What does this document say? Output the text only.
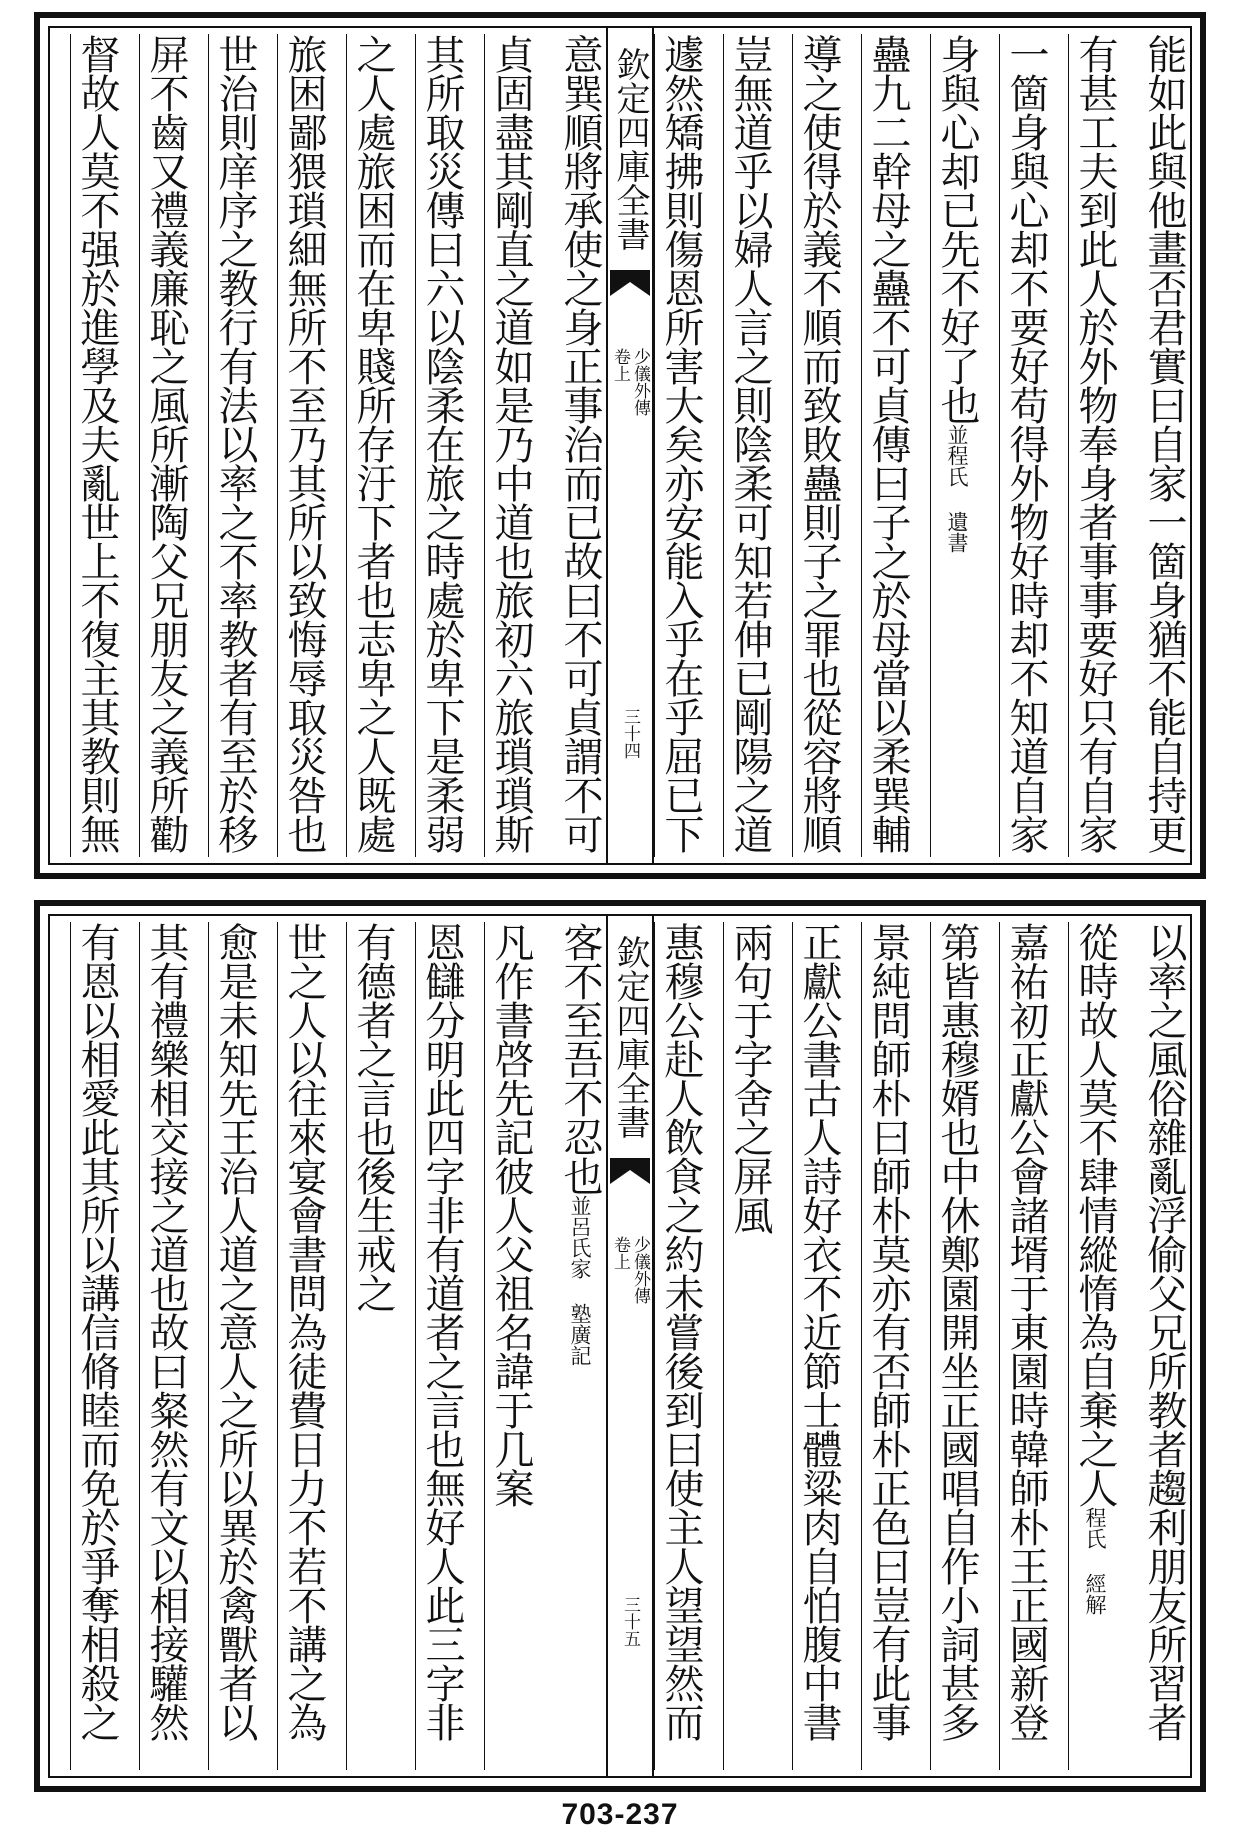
能如此與他畫否君實曰自家一箇身猶不能自持更
有甚工夫到此人於外物奉身者事事要好只有自家
一箇身與心却不要好苟得外物好時却不知道自家
身與心却已先不好了也並程氏 遺書
蠱九二幹母之蠱不可貞傳曰子之於母當以柔巽輔
導之使得於義不順而致敗蠱則子之罪也從容將順
豈無道乎以婦人言之則陰柔可知若伸已剛陽之道
遽然矯拂則傷恩所害大矣亦安能入乎在乎屈已下
欽定四庫全書
少儀外傳
卷上
三十四
意巽順將承使之身正事治而已故曰不可貞謂不可
貞固盡其剛直之道如是乃中道也旅初六旅瑣瑣斯
其所取災傳曰六以陰柔在旅之時處於卑下是柔弱
之人處旅困而在卑賤所存汙下者也志卑之人既處
旅困鄙猥瑣細無所不至乃其所以致悔辱取災咎也
世治則庠序之教行有法以率之不率教者有至於移
屏不齒又禮義廉恥之風所漸陶父兄朋友之義所勸
督故人莫不强於進學及夫亂世上不復主其教則無
以率之風俗雜亂浮偷父兄所教者趨利朋友所習者
從時故人莫不肆情縱惰為自棄之人程氏 經解
嘉祐初正獻公會諸壻于東園時韓師朴王正國新登
第皆惠穆婿也中休鄭園開坐正國唱自作小詞甚多
景純問師朴曰師朴莫亦有否師朴正色曰豈有此事
正獻公書古人詩好衣不近節士體粱肉自怕腹中書
兩句于字舍之屏風
惠穆公赴人飲食之約未嘗後到曰使主人望望然而
欽定四庫全書
少儀外傳
卷上
三十五
客不至吾不忍也並呂氏家 塾廣記
凡作書啓先記彼人父祖名諱于几案
恩讎分明此四字非有道者之言也無好人此三字非
有德者之言也後生戒之
世之人以往來宴會書問為徒費日力不若不講之為
愈是未知先王治人道之意人之所以異於禽獸者以
其有禮樂相交接之道也故曰粲然有文以相接驩然
有恩以相愛此其所以講信脩睦而免於爭奪相殺之
703-237
